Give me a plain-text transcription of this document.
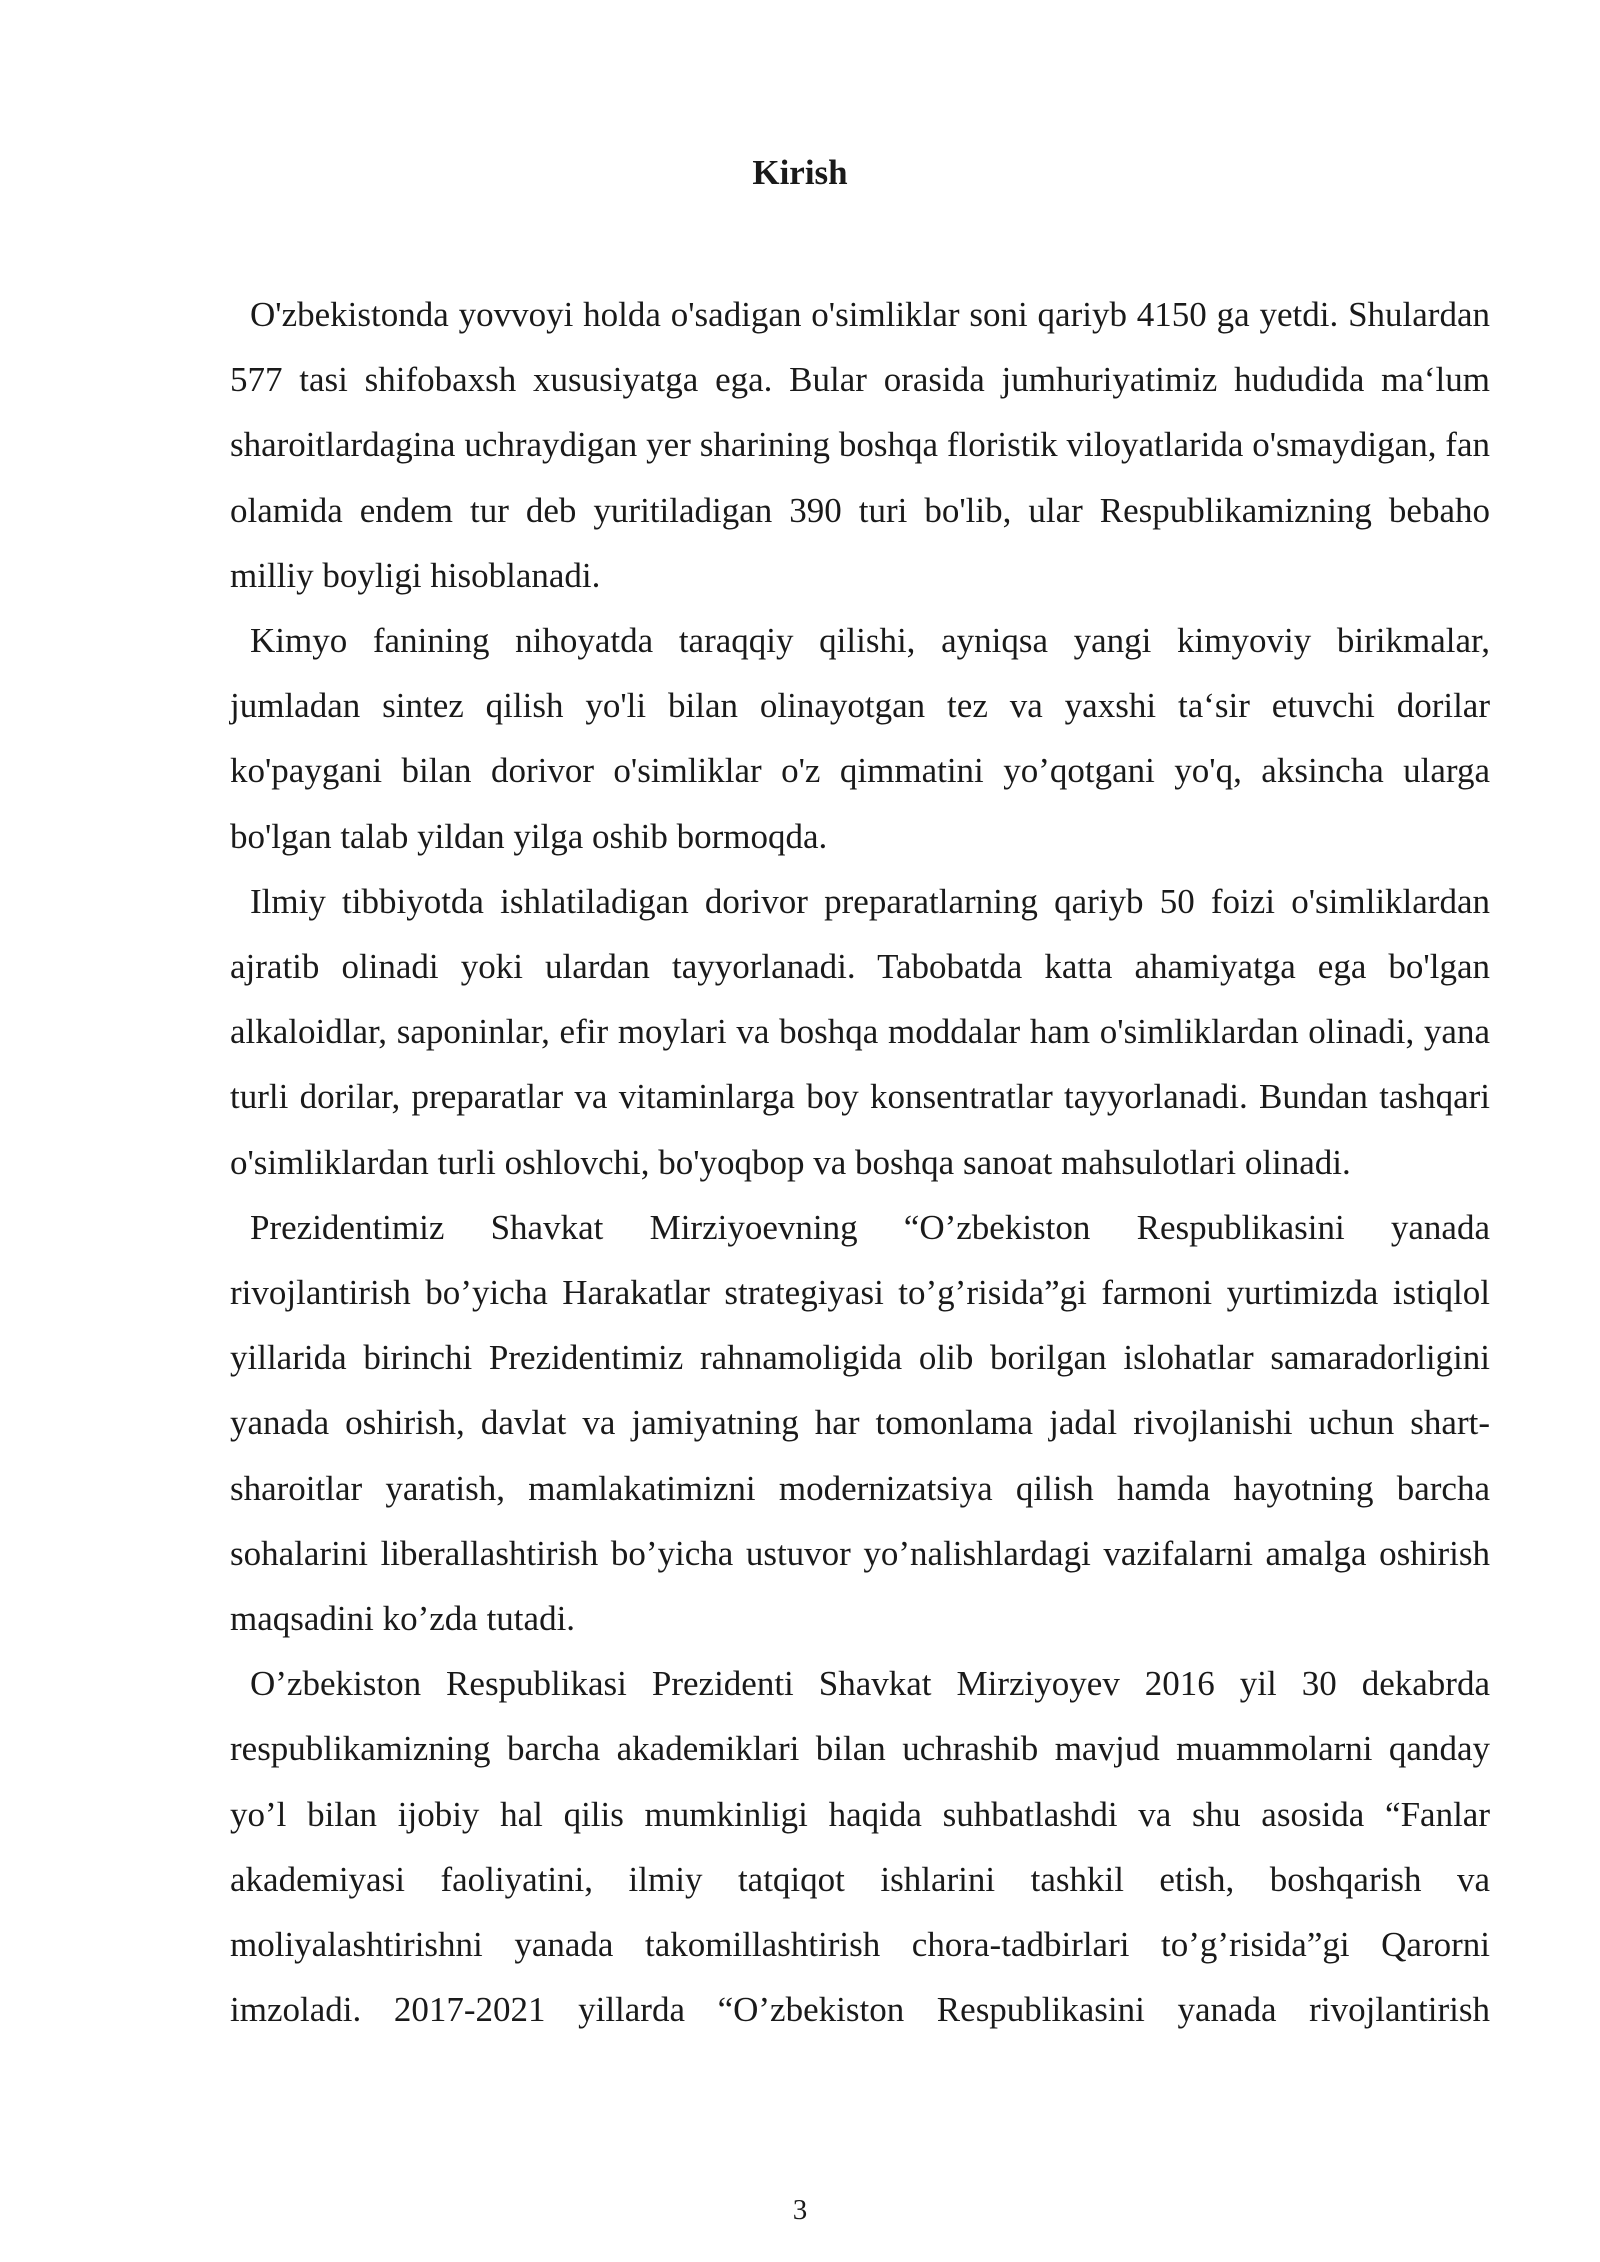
Kirish

O'zbekistonda yovvoyi holda o'sadigan o'simliklar soni qariyb 4150 ga yetdi. Shulardan 577 tasi shifobaxsh xususiyatga ega. Bular orasida jumhuriyatimiz hududida ma‘lum sharoitlardagina uchraydigan yer sharining boshqa floristik viloyatlarida o'smaydigan, fan olamida endem tur deb yuritiladigan 390 turi bo'lib, ular Respublikamizning bebaho milliy boyligi hisoblanadi.

Kimyo fanining nihoyatda taraqqiy qilishi, ayniqsa yangi kimyoviy birikmalar, jumladan sintez qilish yo'li bilan olinayotgan tez va yaxshi ta‘sir etuvchi dorilar ko'paygani bilan dorivor o'simliklar o'z qimmatini yo’qotgani yo'q, aksincha ularga bo'lgan talab yildan yilga oshib bormoqda.

Ilmiy tibbiyotda ishlatiladigan dorivor preparatlarning qariyb 50 foizi o'simliklardan ajratib olinadi yoki ulardan tayyorlanadi. Tabobatda katta ahamiyatga ega bo'lgan alkaloidlar, saponinlar, efir moylari va boshqa moddalar ham o'simliklardan olinadi, yana turli dorilar, preparatlar va vitaminlarga boy konsentratlar tayyorlanadi. Bundan tashqari o'simliklardan turli oshlovchi, bo'yoqbop va boshqa sanoat mahsulotlari olinadi.

Prezidentimiz Shavkat Mirziyoevning “O’zbekiston Respublikasini yanada rivojlantirish bo’yicha Harakatlar strategiyasi to’g’risida”gi farmoni yurtimizda istiqlol yillarida birinchi Prezidentimiz rahnamoligida olib borilgan islohatlar samaradorligini yanada oshirish, davlat va jamiyatning har tomonlama jadal rivojlanishi uchun shart-sharoitlar yaratish, mamlakatimizni modernizatsiya qilish hamda hayotning barcha sohalarini liberallashtirish bo’yicha ustuvor yo’nalishlardagi vazifalarni amalga oshirish maqsadini ko’zda tutadi.

O’zbekiston Respublikasi Prezidenti Shavkat Mirziyoyev 2016 yil 30 dekabrda respublikamizning barcha akademiklari bilan uchrashib mavjud muammolarni qanday yo’l bilan ijobiy hal qilis mumkinligi haqida suhbatlashdi va shu asosida “Fanlar akademiyasi faoliyatini, ilmiy tatqiqot ishlarini tashkil etish, boshqarish va moliyalashtirishni yanada takomillashtirish chora-tadbirlari to’g’risida”gi Qarorni imzoladi. 2017-2021 yillarda “O’zbekiston Respublikasini yanada rivojlantirish

3
